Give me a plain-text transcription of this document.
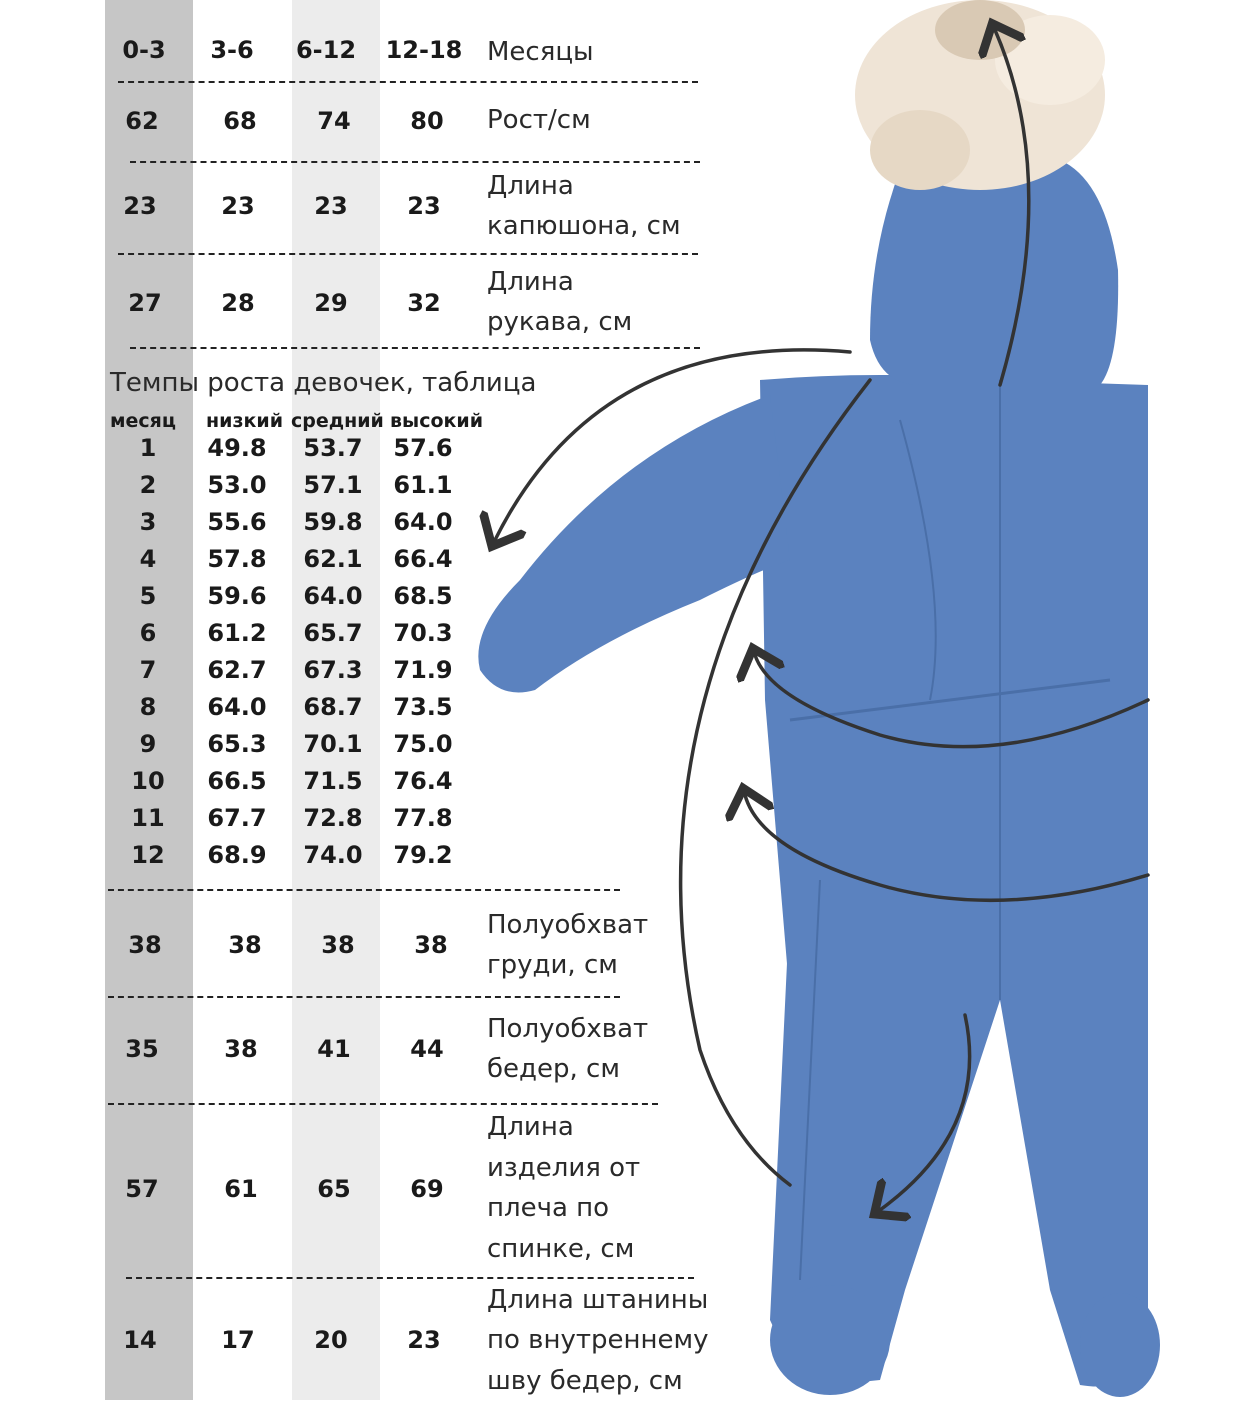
0-3	3-6	6-12	12-18 Месяцы
62	68	74	80	Рост/см
23	23	23	23
Длина
капюшона, см
27	28	29	32
Длина
рукава, см
Темпы роста девочек, таблица
месяц низкий средний высокий
1	49.8	53.7	57.6
2	53.0	57.1	61.1
3	55.6	59.8	64.0
4	57.8	62.1	66.4
5	59.6	64.0	68.5
6	61.2	65.7	70.3
7	62.7	67.3	71.9
8	64.0	68.7	73.5
9	65.3	70.1	75.0
10	66.5	71.5	76.4
11	67.7	72.8	77.8
12	68.9	74.0	79.2
38	38	38	38
Полуобхват
груди, см
35	38	41	44
Полуобхват
бедер, см
57	61	65	69
Длина
изделия от
плеча по
спинке, см
14	17	20	23
Длина штанины
по внутреннему
шву бедер, см
